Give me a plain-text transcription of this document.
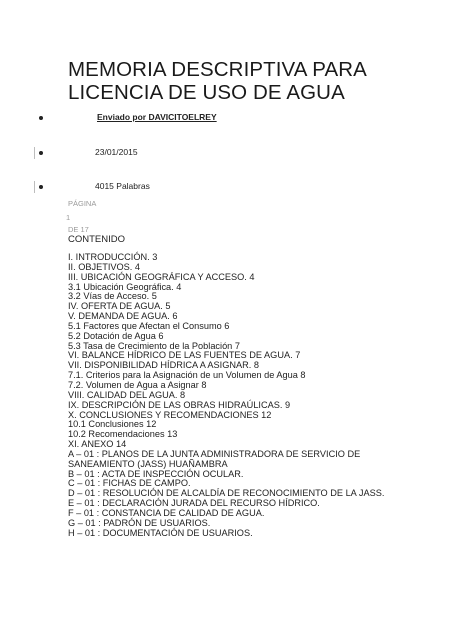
MEMORIA DESCRIPTIVA PARA
LICENCIA DE USO DE AGUA
Enviado por DAVICITOELREY
23/01/2015
4015 Palabras
PÁGINA
1
DE 17
CONTENIDO
I. INTRODUCCIÓN. 3
II. OBJETIVOS. 4
III. UBICACIÓN GEOGRÁFICA Y ACCESO. 4
3.1 Ubicación Geográfica. 4
3.2 Vías de Acceso. 5
IV. OFERTA DE AGUA. 5
V. DEMANDA DE AGUA. 6
5.1 Factores que Afectan el Consumo 6
5.2 Dotación de Agua 6
5.3 Tasa de Crecimiento de la Población 7
VI. BALANCE HÍDRICO DE LAS FUENTES DE AGUA. 7
VII. DISPONIBILIDAD HÍDRICA A ASIGNAR. 8
7.1. Criterios para la Asignación de un Volumen de Agua 8
7.2. Volumen de Agua a Asignar 8
VIII. CALIDAD DEL AGUA. 8
IX. DESCRIPCIÓN DE LAS OBRAS HIDRAÚLICAS. 9
X. CONCLUSIONES Y RECOMENDACIONES 12
10.1 Conclusiones 12
10.2 Recomendaciones 13
XI. ANEXO 14
A – 01 : PLANOS DE LA JUNTA ADMINISTRADORA DE SERVICIO DE
SANEAMIENTO (JASS) HUAÑAMBRA
B – 01 : ACTA DE INSPECCIÓN OCULAR.
C – 01 : FICHAS DE CAMPO.
D – 01 : RESOLUCIÓN DE ALCALDÍA DE RECONOCIMIENTO DE LA JASS.
E – 01 : DECLARACIÓN JURADA DEL RECURSO HÍDRICO.
F – 01 : CONSTANCIA DE CALIDAD DE AGUA.
G – 01 : PADRÓN DE USUARIOS.
H – 01 : DOCUMENTACIÓN DE USUARIOS.
